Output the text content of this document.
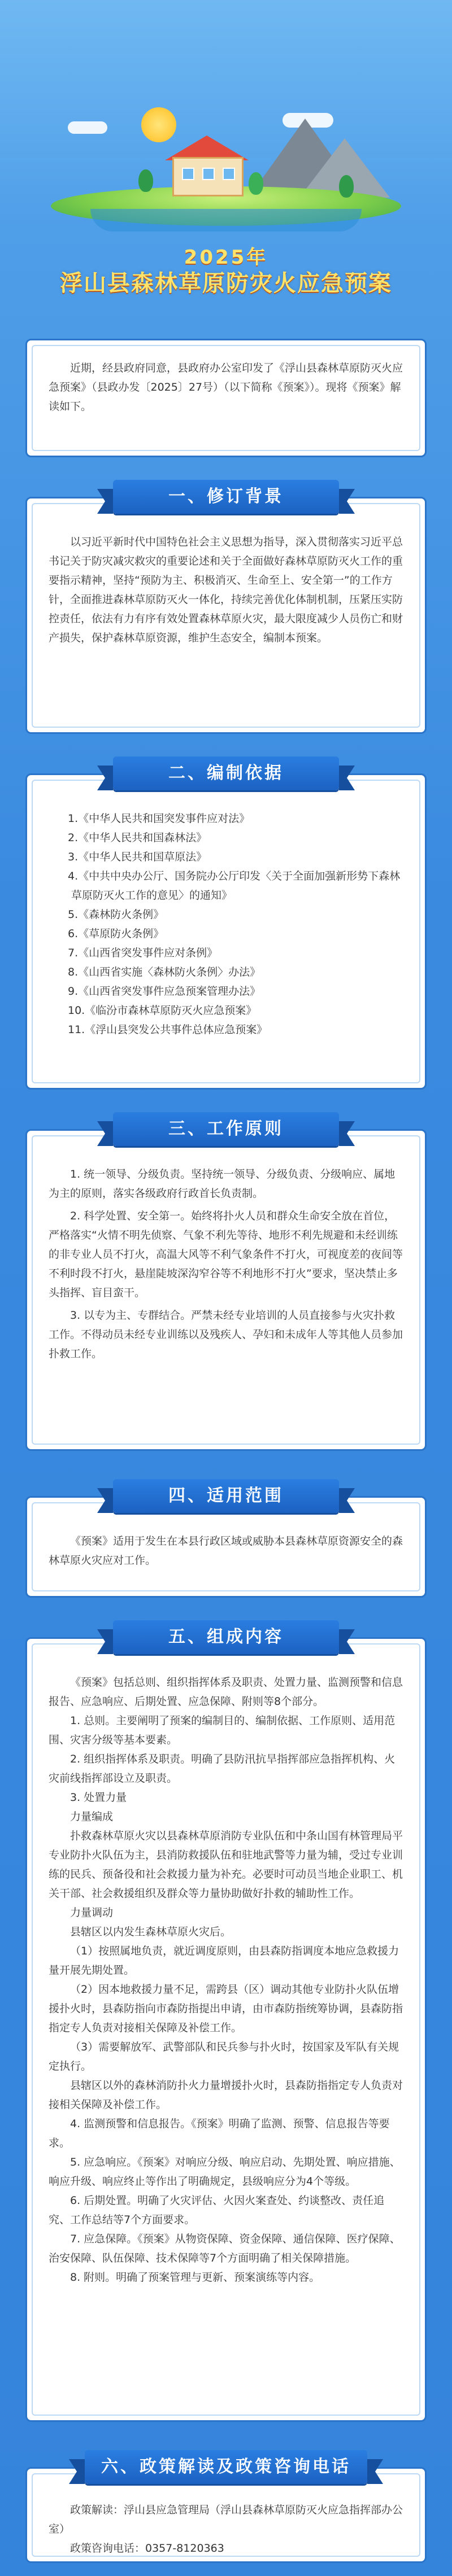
2025年
浮山县森林草原防灾火应急预案

近期，经县政府同意，县政府办公室印发了《浮山县森林草原防灭火应急预案》（县政办发〔2025〕27号）（以下简称《预案》）。现将《预案》解读如下。

以习近平新时代中国特色社会主义思想为指导，深入贯彻落实习近平总书记关于防灾减灾救灾的重要论述和关于全面做好森林草原防灭火工作的重要指示精神，坚持“预防为主、积极消灭、生命至上、安全第一”的工作方针，全面推进森林草原防灭火一体化，持续完善优化体制机制，压紧压实防控责任，依法有力有序有效处置森林草原火灾，最大限度减少人员伤亡和财产损失，保护森林草原资源，维护生态安全，编制本预案。

一、修订背景
1.《中华人民共和国突发事件应对法》
2.《中华人民共和国森林法》
3.《中华人民共和国草原法》
4.《中共中央办公厅、国务院办公厅印发〈关于全面加强新形势下森林草原防灭火工作的意见〉的通知》
5.《森林防火条例》
6.《草原防火条例》
7.《山西省突发事件应对条例》
8.《山西省实施〈森林防火条例〉办法》
9.《山西省突发事件应急预案管理办法》
10.《临汾市森林草原防灭火应急预案》
11.《浮山县突发公共事件总体应急预案》
二、编制依据
1. 统一领导、分级负责。坚持统一领导、分级负责、分级响应、属地为主的原则，落实各级政府行政首长负责制。
2. 科学处置、安全第一。始终将扑火人员和群众生命安全放在首位，严格落实“火情不明先侦察、气象不利先等待、地形不利先规避和未经训练的非专业人员不打火，高温大风等不利气象条件不打火，可视度差的夜间等不利时段不打火，悬崖陡坡深沟窄谷等不利地形不打火”要求，坚决禁止多头指挥、盲目蛮干。
3. 以专为主、专群结合。严禁未经专业培训的人员直接参与火灾扑救工作。不得动员未经专业训练以及残疾人、孕妇和未成年人等其他人员参加扑救工作。
三、工作原则

《预案》适用于发生在本县行政区域或威胁本县森林草原资源安全的森林草原火灾应对工作。

四、适用范围

《预案》包括总则、组织指挥体系及职责、处置力量、监测预警和信息报告、应急响应、后期处置、应急保障、附则等8个部分。

1. 总则。主要阐明了预案的编制目的、编制依据、工作原则、适用范围、灾害分级等基本要素。

2. 组织指挥体系及职责。明确了县防汛抗旱指挥部应急指挥机构、火灾前线指挥部设立及职责。

3. 处置力量

力量编成

扑救森林草原火灾以县森林草原消防专业队伍和中条山国有林管理局平专业防扑火队伍为主，县消防救援队伍和驻地武警等力量为辅，受过专业训练的民兵、预备役和社会救援力量为补充。必要时可动员当地企业职工、机关干部、社会救援组织及群众等力量协助做好扑救的辅助性工作。

力量调动

县辖区以内发生森林草原火灾后。

（1）按照属地负责，就近调度原则，由县森防指调度本地应急救援力量开展先期处置。

（2）因本地救援力量不足，需跨县（区）调动其他专业防扑火队伍增援扑火时，县森防指向市森防指提出申请，由市森防指统筹协调，县森防指指定专人负责对接相关保障及补偿工作。

（3）需要解放军、武警部队和民兵参与扑火时，按国家及军队有关规定执行。

县辖区以外的森林消防扑火力量增援扑火时，县森防指指定专人负责对接相关保障及补偿工作。

4. 监测预警和信息报告。《预案》明确了监测、预警、信息报告等要求。

5. 应急响应。《预案》对响应分级、响应启动、先期处置、响应措施、响应升级、响应终止等作出了明确规定，县级响应分为4个等级。

6. 后期处置。明确了火灾评估、火因火案查处、约谈整改、责任追究、工作总结等7个方面要求。

7. 应急保障。《预案》从物资保障、资金保障、通信保障、医疗保障、治安保障、队伍保障、技术保障等7个方面明确了相关保障措施。

8. 附则。明确了预案管理与更新、预案演练等内容。

五、组成内容

政策解读：浮山县应急管理局（浮山县森林草原防灭火应急指挥部办公室）

政策咨询电话：0357-8120363

六、政策解读及政策咨询电话
